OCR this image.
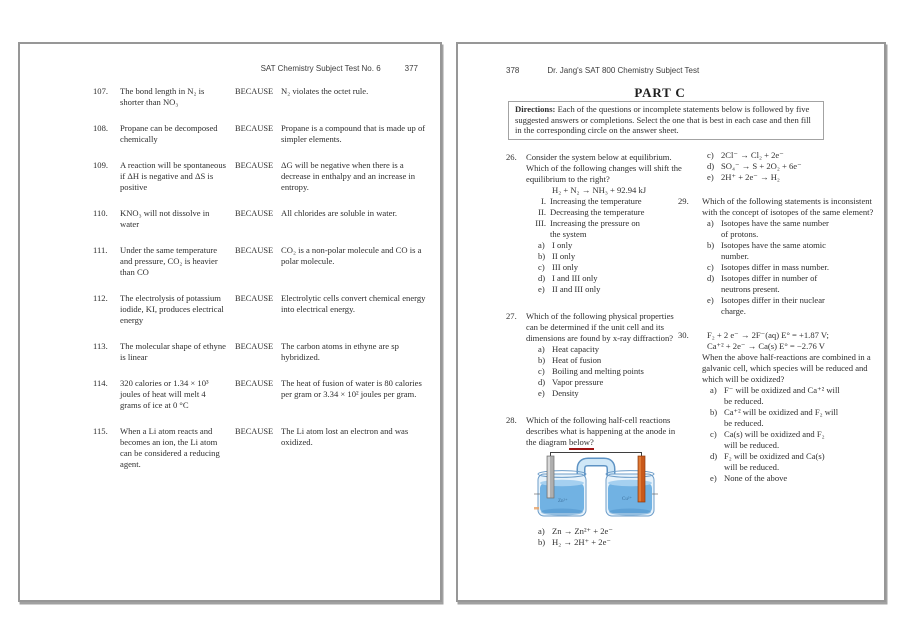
SAT Chemistry Subject Test No. 6	377
107.	The bond length in N₂ is shorter than NO₃
BECAUSE N₂ violates the octet rule.
108.	Propane can be decomposed chemically
BECAUSE Propane is a compound that is made up of simpler elements.
109.	A reaction will be spontaneous if ΔH is negative and ΔS is positive
BECAUSE ΔG will be negative when there is a decrease in enthalpy and an increase in entropy.
110.	KNO₃ will not dissolve in water
BECAUSE All chlorides are soluble in water.
111.	Under the same temperature and pressure, CO₂ is heavier than CO
BECAUSE CO₂ is a non-polar molecule and CO is a polar molecule.
112.	The electrolysis of potassium iodide, KI, produces electrical energy
BECAUSE Electrolytic cells convert chemical energy into electrical energy.
113.	The molecular shape of ethyne is linear
BECAUSE The carbon atoms in ethyne are sp hybridized.
114.	320 calories or 1.34 × 10³ joules of heat will melt 4 grams of ice at 0 °C
BECAUSE The heat of fusion of water is 80 calories per gram or 3.34 × 10² joules per gram.
115.	When a Li atom reacts and becomes an ion, the Li atom can be considered a reducing agent.
BECAUSE The Li atom lost an electron and was oxidized.
378	Dr. Jang's SAT 800 Chemistry Subject Test
PART C
Directions: Each of the questions or incomplete statements below is followed by five suggested answers or completions. Select the one that is best in each case and then fill in the corresponding circle on the answer sheet.
26. Consider the system below at equilibrium. Which of the following changes will shift the equilibrium to the right?
H₂ + N₂ → NH₃ + 92.94 kJ
I. Increasing the temperature
II. Decreasing the temperature
III. Increasing the pressure on the system
a) I only
b) II only
c) III only
d) I and III only
e) II and III only
27. Which of the following physical properties can be determined if the unit cell and its dimensions are found by x-ray diffraction?
a) Heat capacity
b) Heat of fusion
c) Boiling and melting points
d) Vapor pressure
e) Density
28. Which of the following half-cell reactions describes what is happening at the anode in the diagram below?
Zn²⁺	Cu²⁺
a) Zn → Zn²⁺ + 2e⁻
b) H₂ → 2H⁺ + 2e⁻
c) 2Cl⁻ → Cl₂ + 2e⁻
d) SO₄⁻ → S + 2O₂ + 6e⁻
e) 2H⁺ + 2e⁻ → H₂
29. Which of the following statements is inconsistent with the concept of isotopes of the same element?
a) Isotopes have the same number of protons.
b) Isotopes have the same atomic number.
c) Isotopes differ in mass number.
d) Isotopes differ in number of neutrons present.
e) Isotopes differ in their nuclear charge.
30. F₂ + 2 e⁻ → 2F⁻(aq) E° = +1.87 V;
Ca⁺² + 2e⁻ → Ca(s) E° = −2.76 V
When the above half-reactions are combined in a galvanic cell, which species will be reduced and which will be oxidized?
a) F⁻ will be oxidized and Ca⁺² will be reduced.
b) Ca⁺² will be oxidized and F₂ will be reduced.
c) Ca(s) will be oxidized and F₂ will be reduced.
d) F₂ will be oxidized and Ca(s) will be reduced.
e) None of the above
